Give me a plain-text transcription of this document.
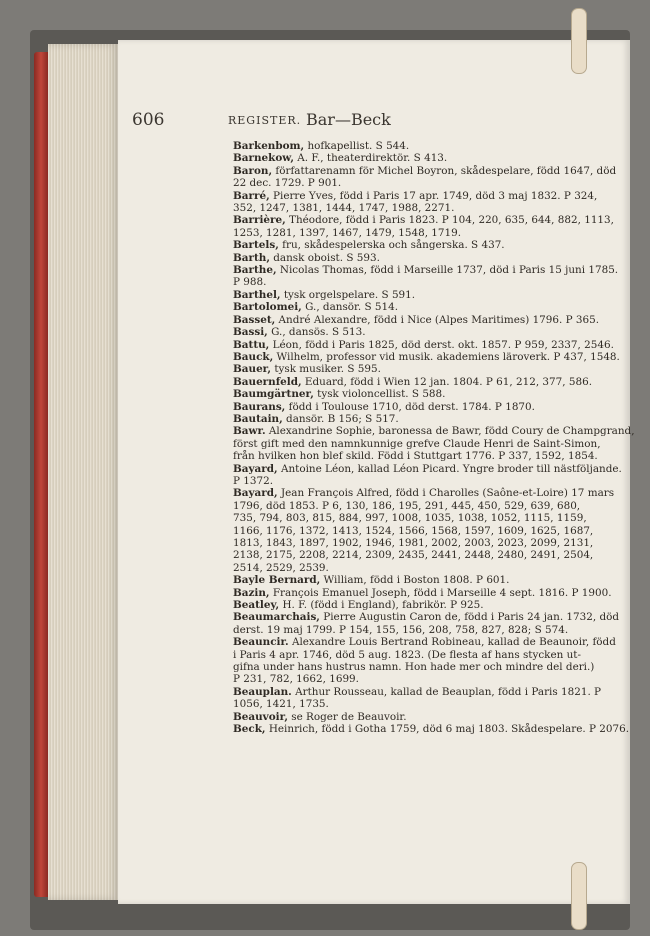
606	REGISTER. Bar—Beck

Barkenbom, hofkapellist. S 544.

Barnekow, A. F., theaterdirektör. S 413.

Baron, författarenamn för Michel Boyron, skådespelare, född 1647, död
22 dec. 1729. P 901.

Barré, Pierre Yves, född i Paris 17 apr. 1749, död 3 maj 1832. P 324,
352, 1247, 1381, 1444, 1747, 1988, 2271.

Barrière, Théodore, född i Paris 1823. P 104, 220, 635, 644, 882, 1113,
1253, 1281, 1397, 1467, 1479, 1548, 1719.

Bartels, fru, skådespelerska och sångerska. S 437.

Barth, dansk oboist. S 593.

Barthe, Nicolas Thomas, född i Marseille 1737, död i Paris 15 juni 1785.
P 988.

Barthel, tysk orgelspelare. S 591.

Bartolomei, G., dansör. S 514.

Basset, André Alexandre, född i Nice (Alpes Maritimes) 1796. P 365.

Bassi, G., dansös. S 513.

Battu, Léon, född i Paris 1825, död derst. okt. 1857. P 959, 2337, 2546.

Bauck, Wilhelm, professor vid musik. akademiens läroverk. P 437, 1548.

Bauer, tysk musiker. S 595.

Bauernfeld, Eduard, född i Wien 12 jan. 1804. P 61, 212, 377, 586.

Baumgärtner, tysk violoncellist. S 588.

Baurans, född i Toulouse 1710, död derst. 1784. P 1870.

Bautain, dansör. B 156; S 517.

Bawr. Alexandrine Sophie, baronessa de Bawr, född Coury de Champgrand,
först gift med den namnkunnige grefve Claude Henri de Saint-Simon,
från hvilken hon blef skild. Född i Stuttgart 1776. P 337, 1592, 1854.

Bayard, Antoine Léon, kallad Léon Picard. Yngre broder till nästföljande.
P 1372.

Bayard, Jean François Alfred, född i Charolles (Saône-et-Loire) 17 mars
1796, död 1853. P 6, 130, 186, 195, 291, 445, 450, 529, 639, 680,
735, 794, 803, 815, 884, 997, 1008, 1035, 1038, 1052, 1115, 1159,
1166, 1176, 1372, 1413, 1524, 1566, 1568, 1597, 1609, 1625, 1687,
1813, 1843, 1897, 1902, 1946, 1981, 2002, 2003, 2023, 2099, 2131,
2138, 2175, 2208, 2214, 2309, 2435, 2441, 2448, 2480, 2491, 2504,
2514, 2529, 2539.

Bayle Bernard, William, född i Boston 1808. P 601.

Bazin, François Emanuel Joseph, född i Marseille 4 sept. 1816. P 1900.

Beatley, H. F. (född i England), fabrikör. P 925.

Beaumarchais, Pierre Augustin Caron de, född i Paris 24 jan. 1732, död
derst. 19 maj 1799. P 154, 155, 156, 208, 758, 827, 828; S 574.

Beauncir. Alexandre Louis Bertrand Robineau, kallad de Beaunoir, född
i Paris 4 apr. 1746, död 5 aug. 1823. (De flesta af hans stycken ut-
gifna under hans hustrus namn. Hon hade mer och mindre del deri.)
P 231, 782, 1662, 1699.

Beauplan. Arthur Rousseau, kallad de Beauplan, född i Paris 1821. P
1056, 1421, 1735.

Beauvoir, se Roger de Beauvoir.

Beck, Heinrich, född i Gotha 1759, död 6 maj 1803. Skådespelare. P 2076.
